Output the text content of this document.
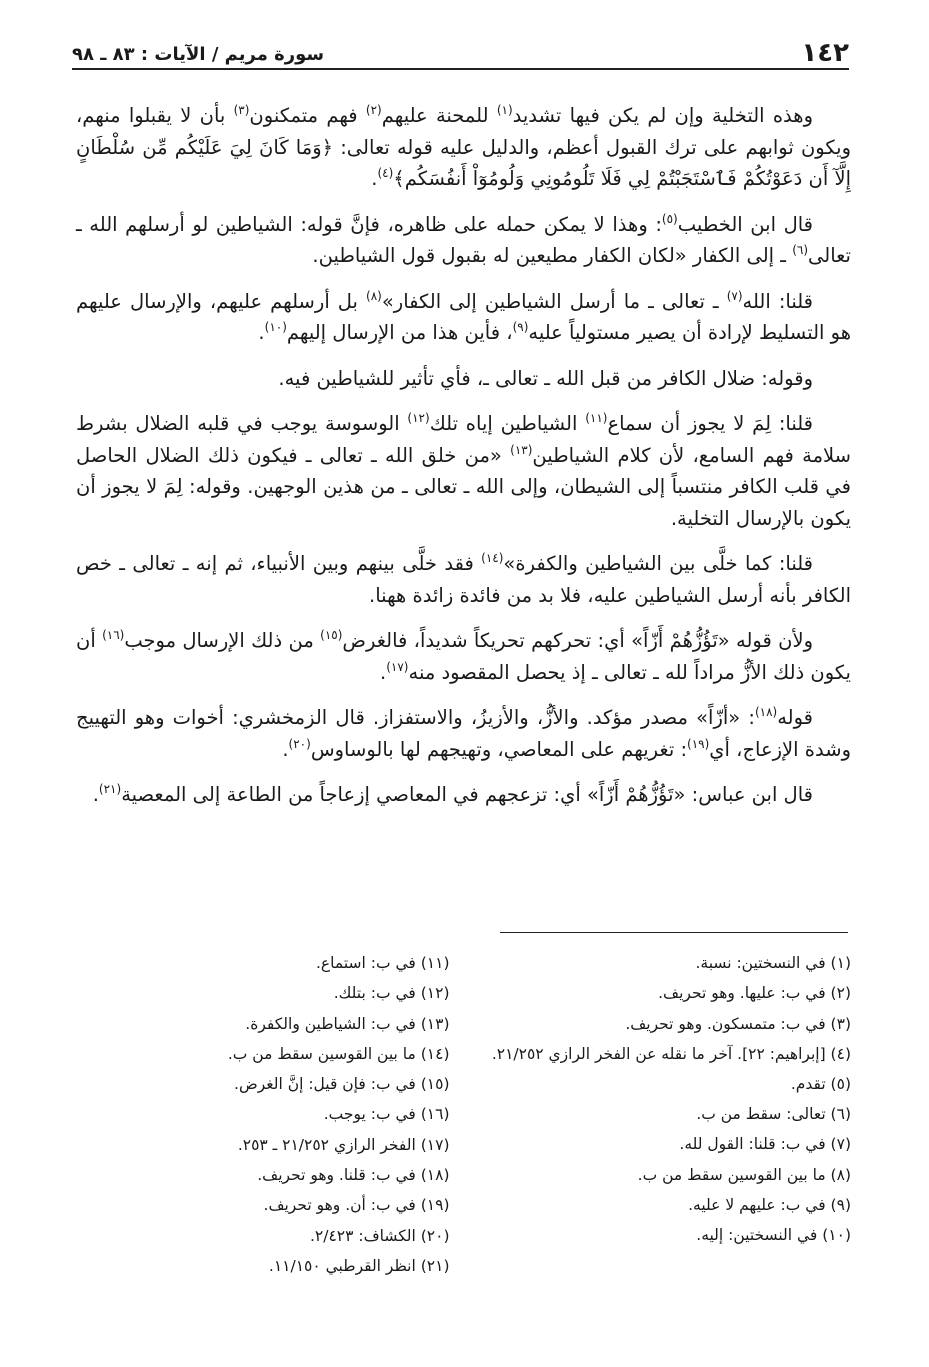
١٤٢
سورة مريم / الآيات : ٨٣ ـ ٩٨

وهذه التخلية وإن لم يكن فيها تشديد$^{(١)}$ للمحنة عليهم$^{(٢)}$ فهم متمكنون$^{(٣)}$ بأن لا يقبلوا منهم، ويكون ثوابهم على ترك القبول أعظم، والدليل عليه قوله تعالى: ﴿وَمَا كَانَ لِيَ عَلَيْكُم مِّن سُلْطَانٍ إِلَّآ أَن دَعَوْتُكُمْ فَٱسْتَجَبْتُمْ لِي فَلَا تَلُومُونِي وَلُومُوٓاْ أَنفُسَكُم﴾$^{(٤)}$.

قال ابن الخطيب$^{(٥)}$: وهذا لا يمكن حمله على ظاهره، فإنَّ قوله: الشياطين لو أرسلهم الله ـ تعالى$^{(٦)}$ ـ إلى الكفار «لكان الكفار مطيعين له بقبول قول الشياطين.

قلنا: الله$^{(٧)}$ ـ تعالى ـ ما أرسل الشياطين إلى الكفار»$^{(٨)}$ بل أرسلهم عليهم، والإرسال عليهم هو التسليط لإرادة أن يصير مستولياً عليه$^{(٩)}$، فأين هذا من الإرسال إليهم$^{(١٠)}$.

وقوله: ضلال الكافر من قبل الله ـ تعالى ـ، فأي تأثير للشياطين فيه.

قلنا: لِمَ لا يجوز أن سماع$^{(١١)}$ الشياطين إياه تلك$^{(١٢)}$ الوسوسة يوجب في قلبه الضلال بشرط سلامة فهم السامع، لأن كلام الشياطين$^{(١٣)}$ «من خلق الله ـ تعالى ـ فيكون ذلك الضلال الحاصل في قلب الكافر منتسباً إلى الشيطان، وإلى الله ـ تعالى ـ من هذين الوجهين. وقوله: لِمَ لا يجوز أن يكون بالإرسال التخلية.

قلنا: كما خلَّى بين الشياطين والكفرة»$^{(١٤)}$ فقد خلَّى بينهم وبين الأنبياء، ثم إنه ـ تعالى ـ خص الكافر بأنه أرسل الشياطين عليه، فلا بد من فائدة زائدة ههنا.

ولأن قوله «تَؤُزُّهُمْ أَزّاً» أي: تحركهم تحريكاً شديداً، فالغرض$^{(١٥)}$ من ذلك الإرسال موجب$^{(١٦)}$ أن يكون ذلك الأزُّ مراداً لله ـ تعالى ـ إذ يحصل المقصود منه$^{(١٧)}$.

قوله$^{(١٨)}$: «أزّاً» مصدر مؤكد. والأزُّ، والأزيزُ، والاستفزاز. قال الزمخشري: أخوات وهو التهييج وشدة الإزعاج، أي$^{(١٩)}$: تغريهم على المعاصي، وتهيجهم لها بالوساوس$^{(٢٠)}$.

قال ابن عباس: «تَؤُزُّهُمْ أَزّاً» أي: تزعجهم في المعاصي إزعاجاً من الطاعة إلى المعصية$^{(٢١)}$.

(١) في النسختين: نسبة.

(٢) في ب: عليها. وهو تحريف.

(٣) في ب: متمسكون. وهو تحريف.

(٤) [إبراهيم: ٢٢]. آخر ما نقله عن الفخر الرازي ٢١/٢٥٢.

(٥) تقدم.

(٦) تعالى: سقط من ب.

(٧) في ب: قلنا: القول لله.

(٨) ما بين القوسين سقط من ب.

(٩) في ب: عليهم لا عليه.

(١٠) في النسختين: إليه.

(١١) في ب: استماع.

(١٢) في ب: بتلك.

(١٣) في ب: الشياطين والكفرة.

(١٤) ما بين القوسين سقط من ب.

(١٥) في ب: فإن قيل: إنَّ الغرض.

(١٦) في ب: يوجب.

(١٧) الفخر الرازي ٢١/٢٥٢ ـ ٢٥٣.

(١٨) في ب: قلنا. وهو تحريف.

(١٩) في ب: أن. وهو تحريف.

(٢٠) الكشاف: ٢/٤٢٣.

(٢١) انظر القرطبي ١١/١٥٠.
